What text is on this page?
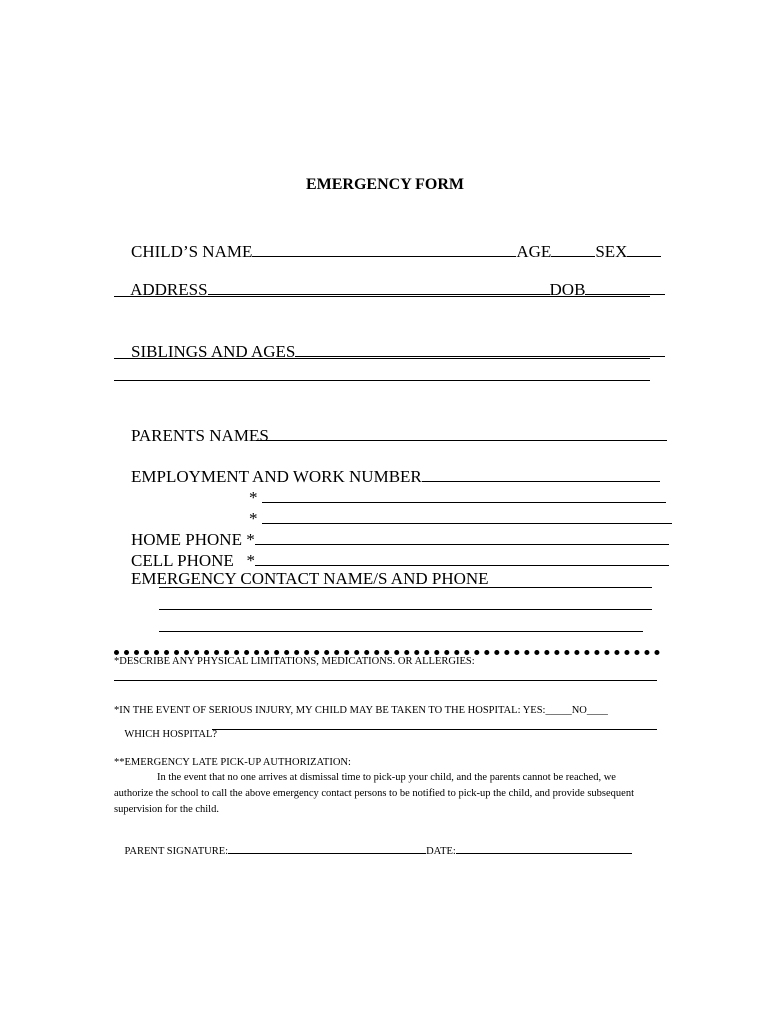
EMERGENCY FORM

CHILD’S NAME	AGE	SEX

ADDRESS	DOB

SIBLINGS AND AGES

PARENTS NAMES

EMPLOYMENT AND WORK NUMBER

*

*

HOME PHONE *

CELL PHONE   *

EMERGENCY CONTACT NAME/S AND PHONE

*DESCRIBE ANY PHYSICAL LIMITATIONS, MEDICATIONS. OR ALLERGIES:
*IN THE EVENT OF SERIOUS INJURY, MY CHILD MAY BE TAKEN TO THE HOSPITAL: YES:_____NO____

WHICH HOSPITAL?

**EMERGENCY LATE PICK-UP AUTHORIZATION:
In the event that no one arrives at dismissal time to pick-up your child, and the parents cannot be reached, we authorize the school to call the above emergency contact persons to be notified to pick-up the child, and provide subsequent supervision for the child.

PARENT SIGNATURE:	DATE:
